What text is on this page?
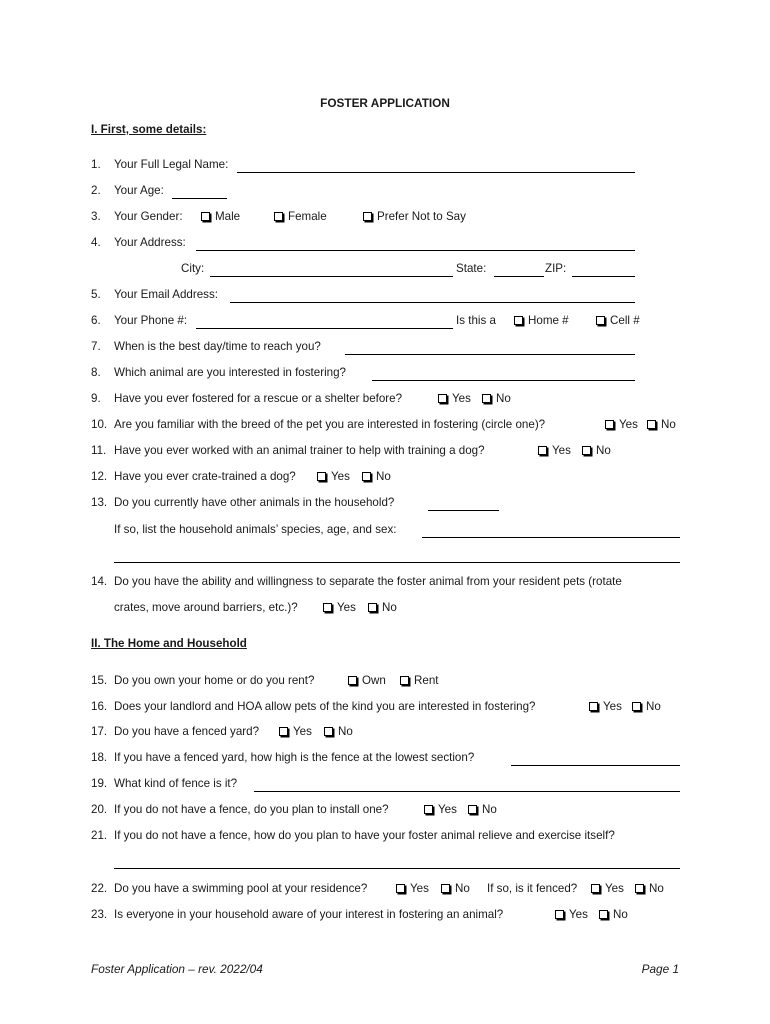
FOSTER APPLICATION
I. First, some details:
1. Your Full Legal Name:
2. Your Age:
3. Your Gender:	Male	Female	Prefer Not to Say
4. Your Address:
City:	State:	ZIP:
5. Your Email Address:
6. Your Phone #:	Is this a	Home #	Cell #
7. When is the best day/time to reach you?
8. Which animal are you interested in fostering?
9. Have you ever fostered for a rescue or a shelter before?	Yes	No
10. Are you familiar with the breed of the pet you are interested in fostering (circle one)?	Yes	No
11. Have you ever worked with an animal trainer to help with training a dog?	Yes	No
12. Have you ever crate-trained a dog?	Yes	No
13. Do you currently have other animals in the household?
If so, list the household animals’ species, age, and sex:
14. Do you have the ability and willingness to separate the foster animal from your resident pets (rotate
crates, move around barriers, etc.)?	Yes	No
II. The Home and Household
15. Do you own your home or do you rent?	Own	Rent
16. Does your landlord and HOA allow pets of the kind you are interested in fostering?	Yes	No
17. Do you have a fenced yard?	Yes	No
18. If you have a fenced yard, how high is the fence at the lowest section?
19. What kind of fence is it?
20. If you do not have a fence, do you plan to install one?	Yes	No
21. If you do not have a fence, how do you plan to have your foster animal relieve and exercise itself?
22. Do you have a swimming pool at your residence?	Yes	No If so, is it fenced?	Yes	No
23. Is everyone in your household aware of your interest in fostering an animal?	Yes	No
Foster Application – rev. 2022/04	Page 1
